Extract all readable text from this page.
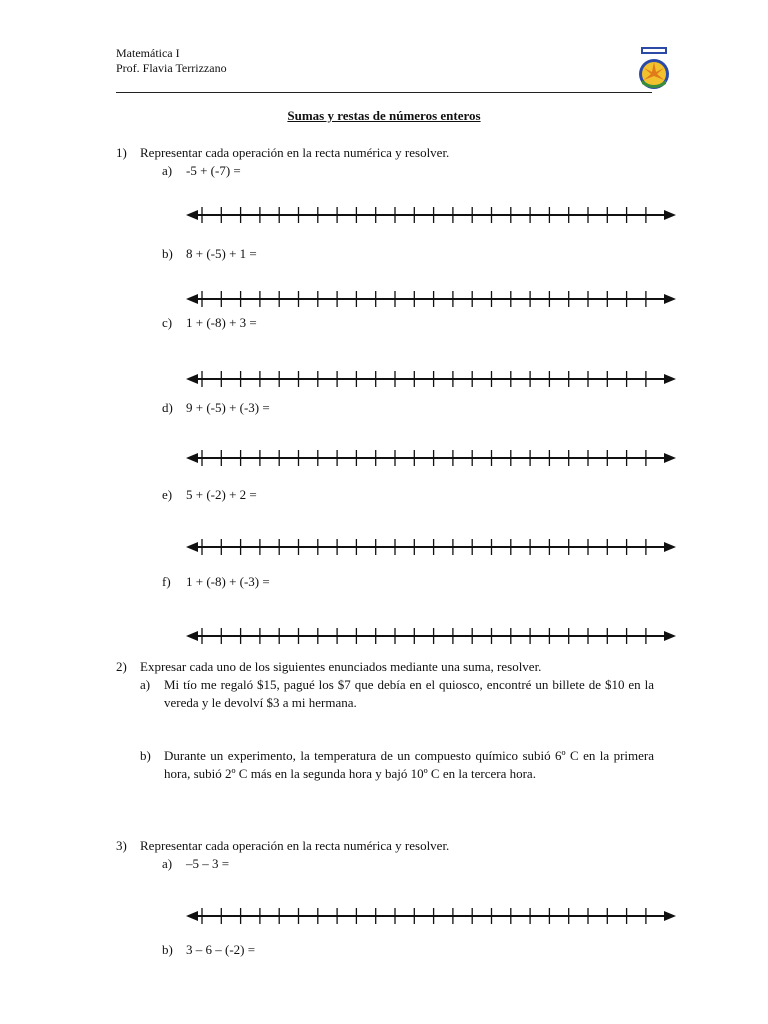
Matemática I
Prof. Flavia Terrizzano
Sumas y restas de números enteros
1) Representar cada operación en la recta numérica y resolver.
a) -5 + (-7) =
b) 8 + (-5) + 1 =
c) 1 + (-8) + 3 =
d) 9 + (-5) + (-3) =
e) 5 + (-2) + 2 =
f) 1 + (-8) + (-3) =
2) Expresar cada uno de los siguientes enunciados mediante una suma, resolver.
a) Mi tío me regaló $15, pagué los $7 que debía en el quiosco, encontré un billete de $10 en la vereda y le devolví $3 a mi hermana.
b) Durante un experimento, la temperatura de un compuesto químico subió 6º C en la primera hora, subió 2º C más en la segunda hora y bajó 10º C en la tercera hora.
3) Representar cada operación en la recta numérica y resolver.
a) –5 – 3 =
b) 3 – 6 – (-2) =
